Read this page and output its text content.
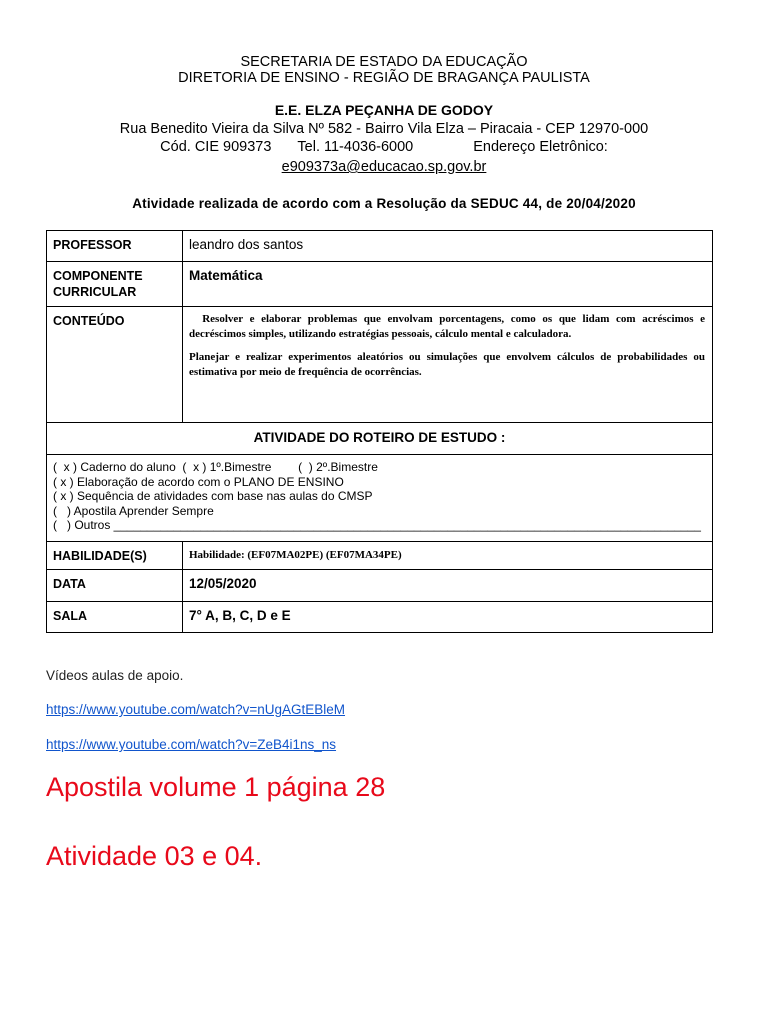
SECRETARIA DE ESTADO DA EDUCAÇÃO
DIRETORIA DE ENSINO - REGIÃO DE BRAGANÇA PAULISTA
E.E. ELZA PEÇANHA DE GODOY
Rua Benedito Vieira da Silva Nº 582 - Bairro Vila Elza – Piracaia - CEP 12970-000
Cód. CIE 909373 Tel. 11-4036-6000	Endereço Eletrônico:
e909373a@educacao.sp.gov.br
Atividade realizada de acordo com a Resolução da SEDUC 44, de 20/04/2020
PROFESSOR	leandro dos santos

COMPONENTE
CURRICULAR	Matemática
CONTEÚDO	Resolver e elaborar problemas que envolvam porcentagens, como os que lidam com acréscimos e decréscimos simples, utilizando estratégias pessoais, cálculo mental e calculadora.

Planejar e realizar experimentos aleatórios ou simulações que envolvem cálculos de probabilidades ou estimativa por meio de frequência de ocorrências.

ATIVIDADE DO ROTEIRO DE ESTUDO :	

(  x ) Caderno do aluno  (  x ) 1º.Bimestre        (  ) 2º.Bimestre
( x ) Elaboração de acordo com o PLANO DE ENSINO
( x ) Sequência de atividades com base nas aulas do CMSP
(   ) Apostila Aprender Sempre
(   ) Outros ________________________________________________________________________________________	

HABILIDADE(S)	Habilidade: (EF07MA02PE) (EF07MA34PE)
DATA	12/05/2020
SALA	7° A, B, C, D e E
Vídeos aulas de apoio.
https://www.youtube.com/watch?v=nUgAGtEBleM
https://www.youtube.com/watch?v=ZeB4i1ns_ns
Apostila volume 1 página 28
Atividade 03 e 04.
